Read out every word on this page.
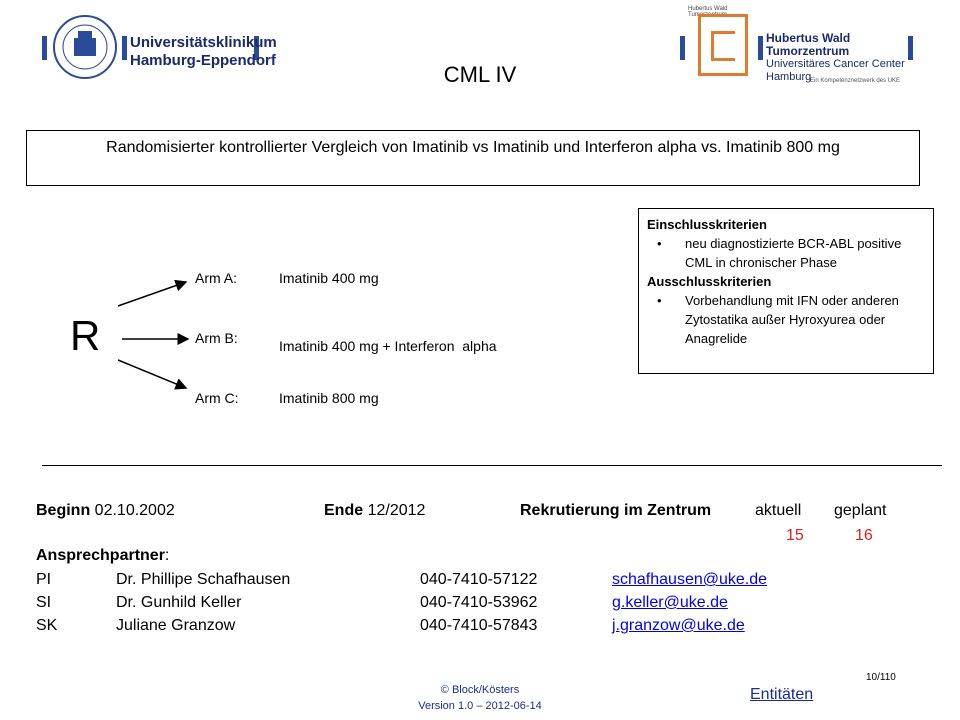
Universitätsklinikum
Hamburg-Eppendorf
Hubertus Wald
Tumorzentrum
Hubertus Wald Tumorzentrum
Universitäres Cancer Center Hamburg
Ein Kompetenznetzwerk des UKE
CML IV
Randomisierter kontrollierter Vergleich von Imatinib vs Imatinib und Interferon alpha vs. Imatinib 800 mg
Einschlusskriterien
• neu diagnostizierte BCR-ABL positive CML in chronischer Phase
Ausschlusskriterien
• Vorbehandlung mit IFN oder anderen Zytostatika außer Hyroxyurea oder Anagrelide
R
Arm A:	Imatinib 400 mg
Arm B:	Imatinib 400 mg + Interferon  alpha
Arm C:	Imatinib 800 mg
Beginn 02.10.2002	Ende 12/2012	Rekrutierung im Zentrum	aktuell geplant
15	16
Ansprechpartner:
PI	Dr. Phillipe Schafhausen	040-7410-57122	schafhausen@uke.de
SI	Dr. Gunhild Keller	040-7410-53962	g.keller@uke.de
SK	Juliane Granzow	040-7410-57843	j.granzow@uke.de
© Block/Kösters
Version 1.0 – 2012-06-14
Entitäten
10/110
